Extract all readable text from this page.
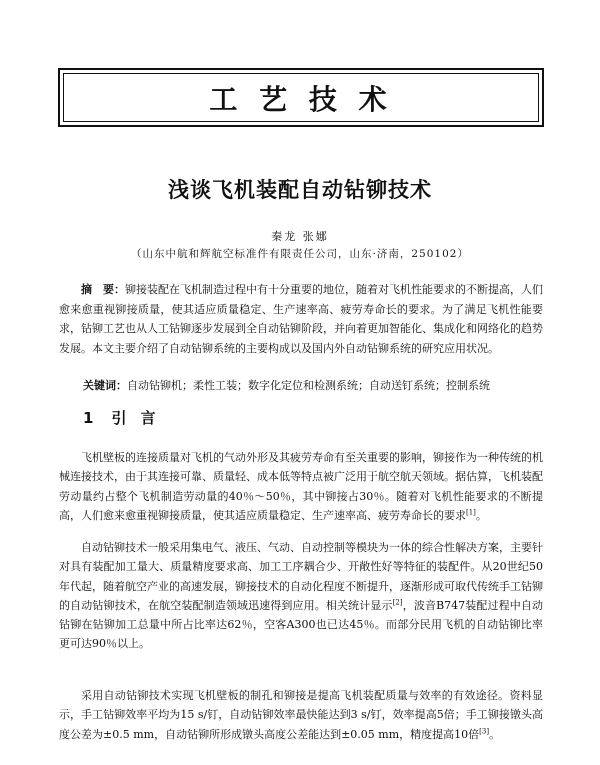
工 艺 技 术
浅谈飞机装配自动钻铆技术
秦龙 张娜
（山东中航和辉航空标准件有限责任公司，山东·济南，250102）

摘　要：铆接装配在飞机制造过程中有十分重要的地位，随着对飞机性能要求的不断提高，人们愈来愈重视铆接质量，使其适应质量稳定、生产速率高、疲劳寿命长的要求。为了满足飞机性能要求，钻铆工艺也从人工钻铆逐步发展到全自动钻铆阶段，并向着更加智能化、集成化和网络化的趋势发展。本文主要介绍了自动钻铆系统的主要构成以及国内外自动钻铆系统的研究应用状况。

关键词：自动钻铆机；柔性工装；数字化定位和检测系统；自动送钉系统；控制系统

1 引 言

飞机壁板的连接质量对飞机的气动外形及其疲劳寿命有至关重要的影响，铆接作为一种传统的机械连接技术，由于其连接可靠、质量轻、成本低等特点被广泛用于航空航天领域。据估算，飞机装配劳动量约占整个飞机制造劳动量的40％～50％，其中铆接占30％。随着对飞机性能要求的不断提高，人们愈来愈重视铆接质量，使其适应质量稳定、生产速率高、疲劳寿命长的要求[1]。

自动钻铆技术一般采用集电气、液压、气动、自动控制等模块为一体的综合性解决方案，主要针对具有装配加工量大、质量精度要求高、加工工序耦合少、开敞性好等特征的装配件。从20世纪50年代起，随着航空产业的高速发展，铆接技术的自动化程度不断提升，逐渐形成可取代传统手工钻铆的自动钻铆技术，在航空装配制造领域迅速得到应用。相关统计显示[2]，波音B747装配过程中自动钻铆在钻铆加工总量中所占比率达62％，空客A300也已达45％。而部分民用飞机的自动钻铆比率更可达90％以上。

采用自动钻铆技术实现飞机壁板的制孔和铆接是提高飞机装配质量与效率的有效途径。资料显示，手工钻铆效率平均为15 s/钉，自动钻铆效率最快能达到3 s/钉，效率提高5倍；手工铆接镦头高度公差为±0.5 mm，自动钻铆所形成镦头高度公差能达到±0.05 mm，精度提高10倍[3]。
